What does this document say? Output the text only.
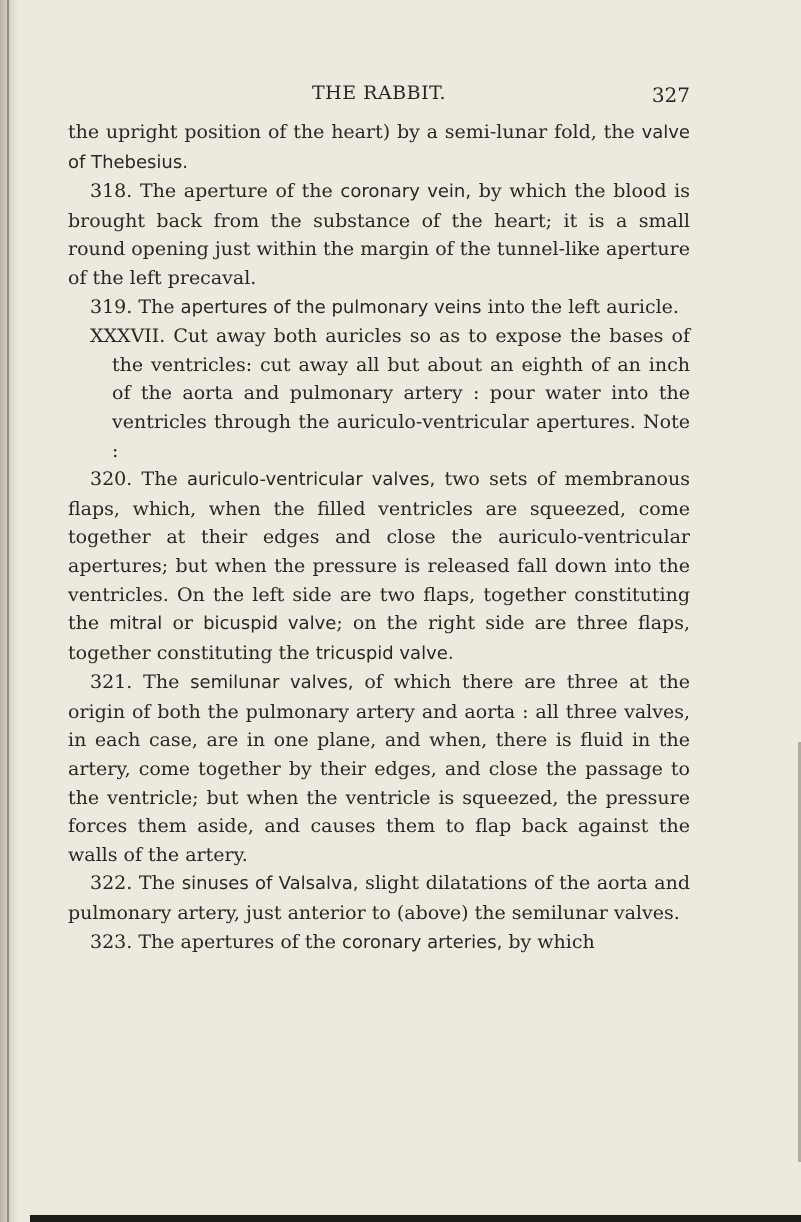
THE RABBIT.	327

the upright position of the heart) by a semi-lunar fold, the valve of Thebesius.

318. The aperture of the coronary vein, by which the blood is brought back from the substance of the heart; it is a small round opening just within the margin of the tunnel-like aperture of the left precaval.

319. The apertures of the pulmonary veins into the left auricle.

XXXVII. Cut away both auricles so as to expose the bases of the ventricles: cut away all but about an eighth of an inch of the aorta and pulmonary artery : pour water into the ventricles through the auriculo-ventricular apertures. Note :

320. The auriculo-ventricular valves, two sets of membranous flaps, which, when the filled ventricles are squeezed, come together at their edges and close the auriculo-ventricular apertures; but when the pressure is released fall down into the ventricles. On the left side are two flaps, together constituting the mitral or bicuspid valve; on the right side are three flaps, together constituting the tricuspid valve.

321. The semilunar valves, of which there are three at the origin of both the pulmonary artery and aorta : all three valves, in each case, are in one plane, and when, there is fluid in the artery, come together by their edges, and close the passage to the ventricle; but when the ventricle is squeezed, the pressure forces them aside, and causes them to flap back against the walls of the artery.

322. The sinuses of Valsalva, slight dilatations of the aorta and pulmonary artery, just anterior to (above) the semilunar valves.

323. The apertures of the coronary arteries, by which
